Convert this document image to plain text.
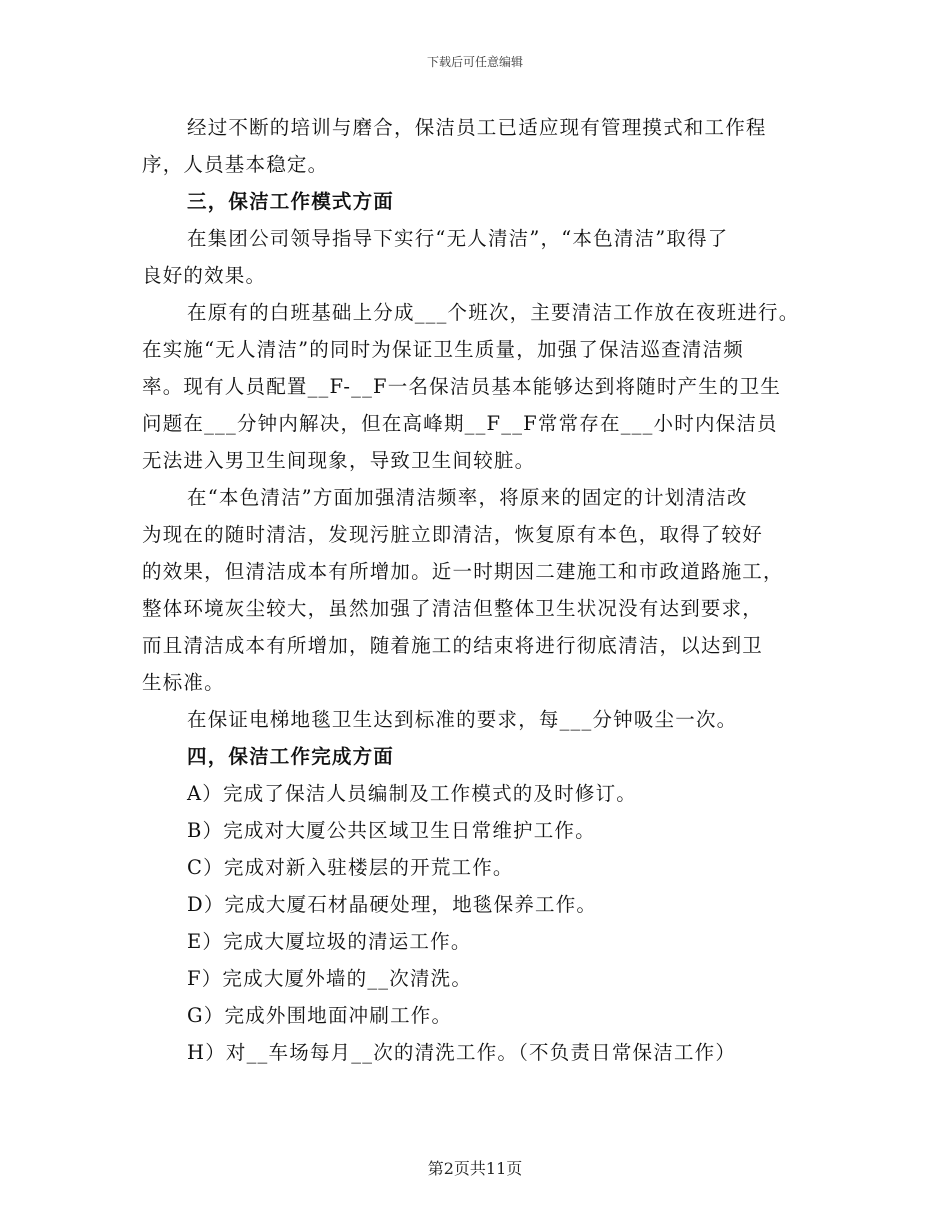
下载后可任意编辑
经过不断的培训与磨合，保洁员工已适应现有管理摸式和工作程
序，人员基本稳定。
三，保洁工作模式方面
在集团公司领导指导下实行“无人清洁”，“本色清洁”取得了
良好的效果。
在原有的白班基础上分成___个班次，主要清洁工作放在夜班进行。
在实施“无人清洁”的同时为保证卫生质量，加强了保洁巡查清洁频
率。现有人员配置__F-__F一名保洁员基本能够达到将随时产生的卫生
问题在___分钟内解决，但在高峰期__F__F常常存在___小时内保洁员
无法进入男卫生间现象，导致卫生间较脏。
在“本色清洁”方面加强清洁频率，将原来的固定的计划清洁改
为现在的随时清洁，发现污脏立即清洁，恢复原有本色，取得了较好
的效果，但清洁成本有所增加。近一时期因二建施工和市政道路施工，
整体环境灰尘较大，虽然加强了清洁但整体卫生状况没有达到要求，
而且清洁成本有所增加，随着施工的结束将进行彻底清洁，以达到卫
生标准。
在保证电梯地毯卫生达到标准的要求，每___分钟吸尘一次。
四，保洁工作完成方面
A）完成了保洁人员编制及工作模式的及时修订。
B）完成对大厦公共区域卫生日常维护工作。
C）完成对新入驻楼层的开荒工作。
D）完成大厦石材晶硬处理，地毯保养工作。
E）完成大厦垃圾的清运工作。
F）完成大厦外墙的__次清洗。
G）完成外围地面冲刷工作。
H）对__车场每月__次的清洗工作。（不负责日常保洁工作）
第2页共11页
